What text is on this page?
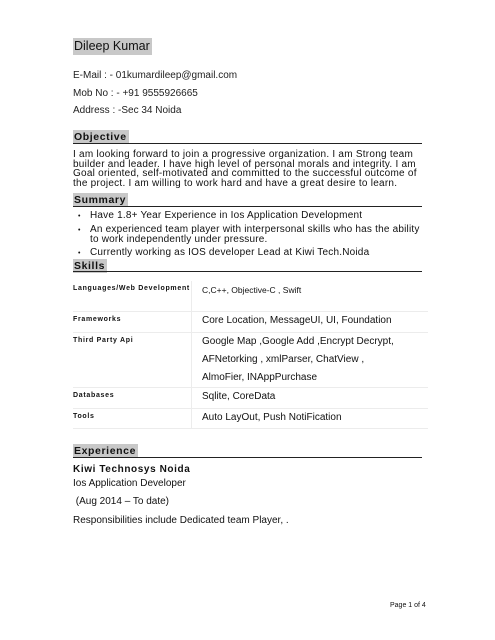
Dileep Kumar
E-Mail : - 01kumardileep@gmail.com
Mob No : - +91 9555926665
Address : -Sec 34 Noida
Objective
I am looking forward to join a progressive organization. I am Strong team builder and leader. I have high level of personal morals and integrity. I am Goal oriented, self-motivated and committed to the successful outcome of the project. I am willing to work hard and have a great desire to learn.
Summary
• Have 1.8+ Year Experience in Ios Application Development
• An experienced team player with interpersonal skills who has the ability to work independently under pressure.
• Currently working as IOS developer Lead at Kiwi Tech.Noida
Skills
Languages/Web Development	C,C++, Objective-C , Swift

Frameworks	Core Location, MessageUI, UI, Foundation

Third Party Api	Google Map ,Google Add ,Encrypt Decrypt,
AFNetorking , xmlParser, ChatView ,
AlmoFier, INAppPurchase

Databases	Sqlite, CoreData

Tools	Auto LayOut, Push NotiFication
Experience
Kiwi Technosys Noida
Ios Application Developer
(Aug 2014 – To date)
Responsibilities include Dedicated team Player, .
Page 1 of 4
